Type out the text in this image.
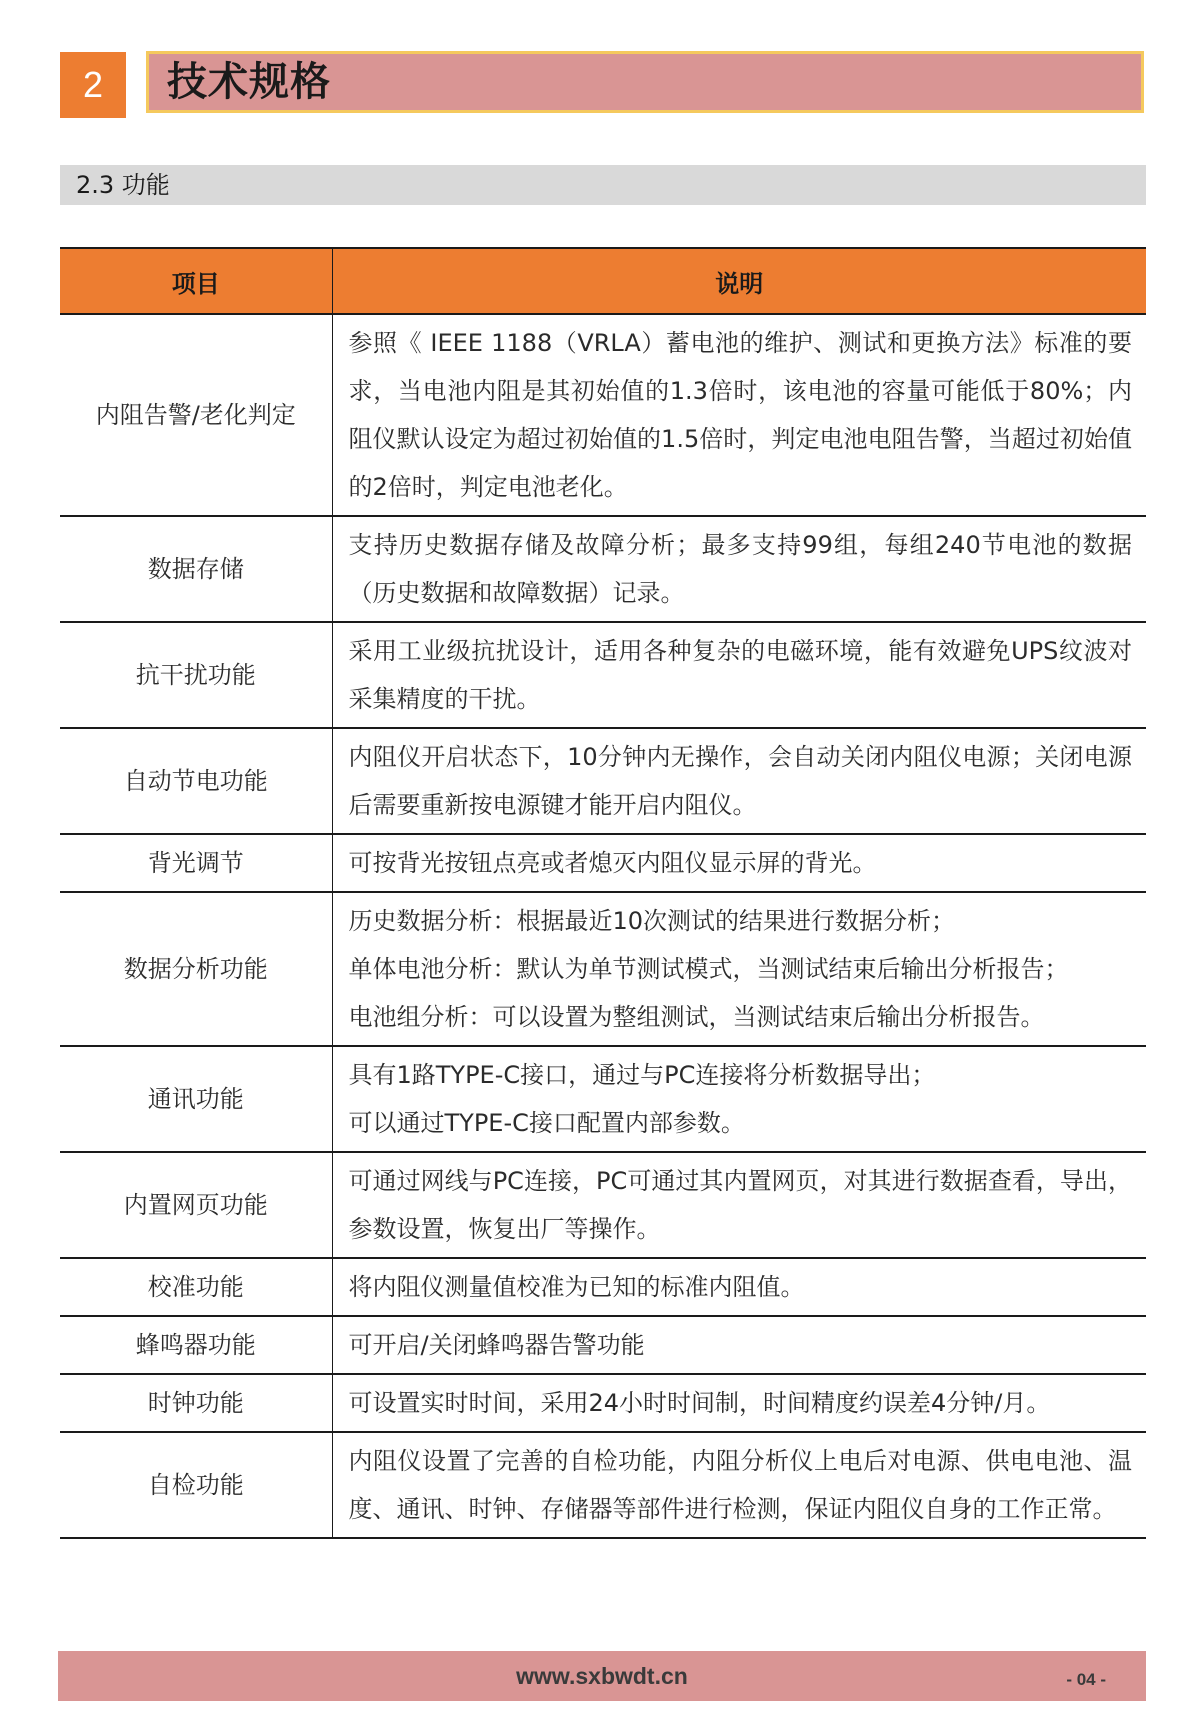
2	技术规格
2.3 功能
项目	说明
内阻告警/老化判定	参照《 IEEE 1188（VRLA）蓄电池的维护、测试和更换方法》标准的要求，当电池内阻是其初始值的1.3倍时，该电池的容量可能低于80%；内阻仪默认设定为超过初始值的1.5倍时，判定电池电阻告警，当超过初始值的2倍时，判定电池老化。

数据存储	支持历史数据存储及故障分析；最多支持99组，每组240节电池的数据（历史数据和故障数据）记录。

抗干扰功能	采用工业级抗扰设计，适用各种复杂的电磁环境，能有效避免UPS纹波对采集精度的干扰。

自动节电功能	内阻仪开启状态下，10分钟内无操作，会自动关闭内阻仪电源；关闭电源后需要重新按电源键才能开启内阻仪。

背光调节	可按背光按钮点亮或者熄灭内阻仪显示屏的背光。

数据分析功能	历史数据分析：根据最近10次测试的结果进行数据分析；
单体电池分析：默认为单节测试模式，当测试结束后输出分析报告；
电池组分析：可以设置为整组测试，当测试结束后输出分析报告。

通讯功能	具有1路TYPE-C接口，通过与PC连接将分析数据导出；
可以通过TYPE-C接口配置内部参数。

内置网页功能	可通过网线与PC连接，PC可通过其内置网页，对其进行数据查看，导出，参数设置，恢复出厂等操作。

校准功能	将内阻仪测量值校准为已知的标准内阻值。

蜂鸣器功能	可开启/关闭蜂鸣器告警功能

时钟功能	可设置实时时间，采用24小时时间制，时间精度约误差4分钟/月。

自检功能	内阻仪设置了完善的自检功能，内阻分析仪上电后对电源、供电电池、温度、通讯、时钟、存储器等部件进行检测，保证内阻仪自身的工作正常。
www.sxbwdt.cn	- 04 -
